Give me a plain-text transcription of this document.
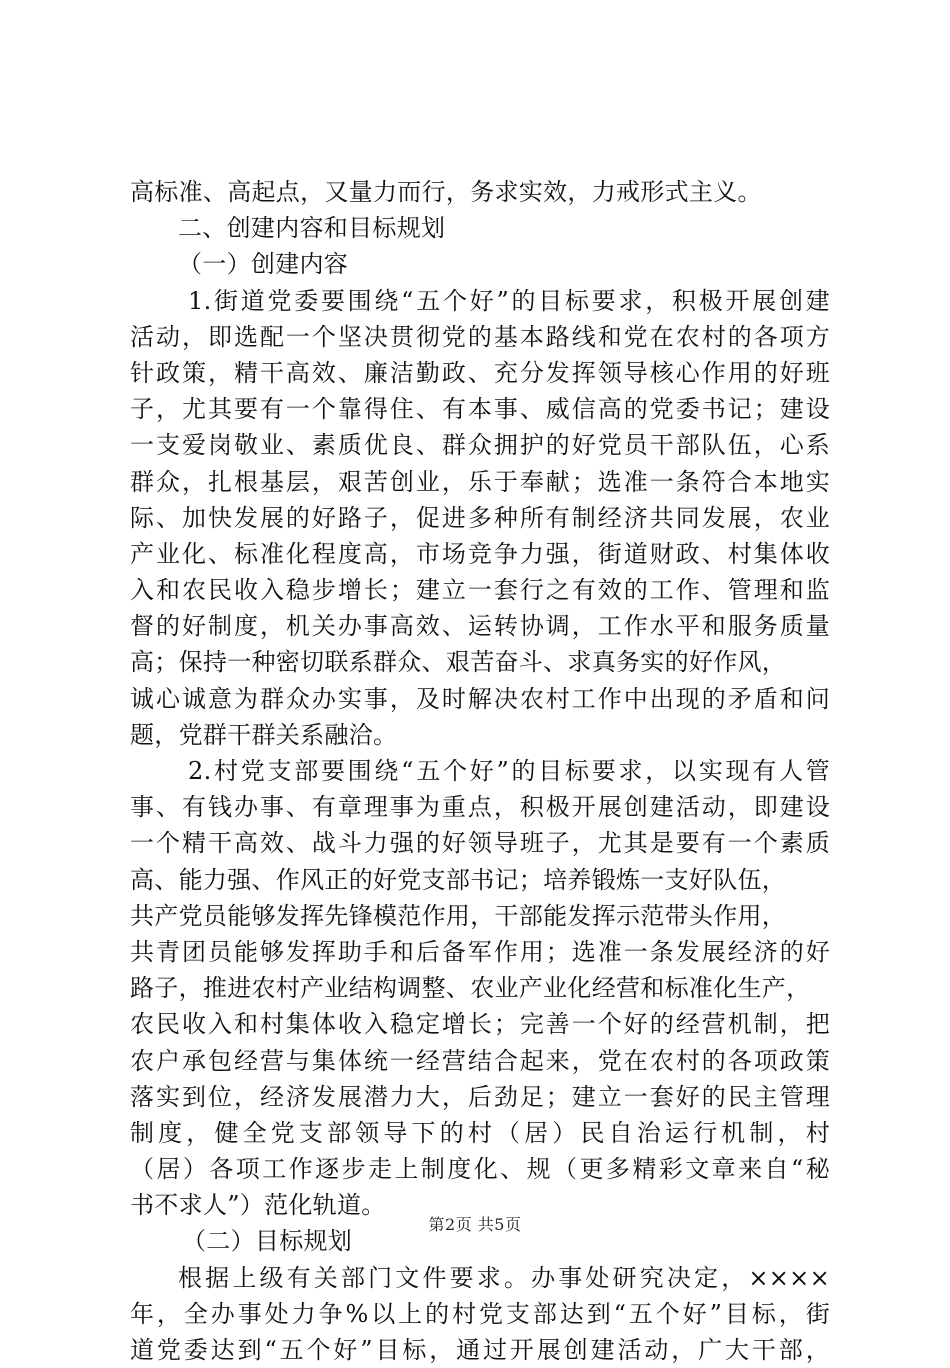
高标准、高起点，又量力而行，务求实效，力戒形式主义。
二、创建内容和目标规划
（一）创建内容
1.街道党委要围绕“五个好”的目标要求，积极开展创建
活动，即选配一个坚决贯彻党的基本路线和党在农村的各项方
针政策，精干高效、廉洁勤政、充分发挥领导核心作用的好班
子，尤其要有一个靠得住、有本事、威信高的党委书记；建设
一支爱岗敬业、素质优良、群众拥护的好党员干部队伍，心系
群众，扎根基层，艰苦创业，乐于奉献；选准一条符合本地实
际、加快发展的好路子，促进多种所有制经济共同发展，农业
产业化、标准化程度高，市场竞争力强，街道财政、村集体收
入和农民收入稳步增长；建立一套行之有效的工作、管理和监
督的好制度，机关办事高效、运转协调，工作水平和服务质量
高；保持一种密切联系群众、艰苦奋斗、求真务实的好作风，
诚心诚意为群众办实事，及时解决农村工作中出现的矛盾和问
题，党群干群关系融洽。
2.村党支部要围绕“五个好”的目标要求，以实现有人管
事、有钱办事、有章理事为重点，积极开展创建活动，即建设
一个精干高效、战斗力强的好领导班子，尤其是要有一个素质
高、能力强、作风正的好党支部书记；培养锻炼一支好队伍，
共产党员能够发挥先锋模范作用，干部能发挥示范带头作用，
共青团员能够发挥助手和后备军作用；选准一条发展经济的好
路子，推进农村产业结构调整、农业产业化经营和标准化生产，
农民收入和村集体收入稳定增长；完善一个好的经营机制，把
农户承包经营与集体统一经营结合起来，党在农村的各项政策
落实到位，经济发展潜力大，后劲足；建立一套好的民主管理
制度，健全党支部领导下的村（居）民自治运行机制，村
（居）各项工作逐步走上制度化、规（更多精彩文章来自“秘
书不求人”）范化轨道。
（二）目标规划
根据上级有关部门文件要求。办事处研究决定，××××
年，全办事处力争%以上的村党支部达到“五个好”目标，街
道党委达到“五个好”目标，通过开展创建活动，广大干部，
第2页 共5页
